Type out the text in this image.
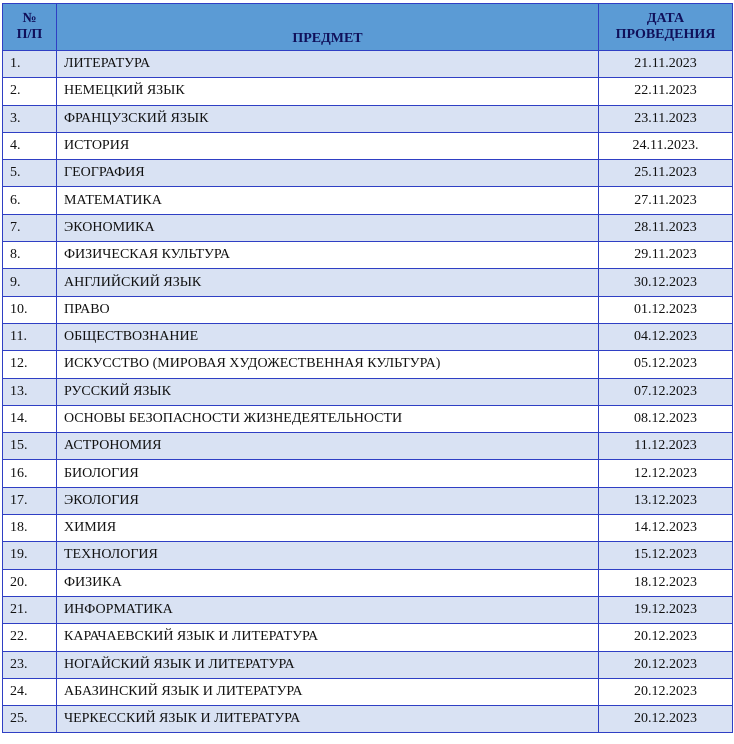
№
П/П	ПРЕДМЕТ	ДАТА
ПРОВЕДЕНИЯ

1.	ЛИТЕРАТУРА	21.11.2023
2.	НЕМЕЦКИЙ ЯЗЫК	22.11.2023
3.	ФРАНЦУЗСКИЙ ЯЗЫК	23.11.2023
4.	ИСТОРИЯ	24.11.2023.
5.	ГЕОГРАФИЯ	25.11.2023
6.	МАТЕМАТИКА	27.11.2023
7.	ЭКОНОМИКА	28.11.2023
8.	ФИЗИЧЕСКАЯ КУЛЬТУРА	29.11.2023
9.	АНГЛИЙСКИЙ ЯЗЫК	30.12.2023
10.	ПРАВО	01.12.2023
11.	ОБЩЕСТВОЗНАНИЕ	04.12.2023
12.	ИСКУССТВО (МИРОВАЯ ХУДОЖЕСТВЕННАЯ КУЛЬТУРА)	05.12.2023
13.	РУССКИЙ ЯЗЫК	07.12.2023
14.	ОСНОВЫ БЕЗОПАСНОСТИ ЖИЗНЕДЕЯТЕЛЬНОСТИ	08.12.2023
15.	АСТРОНОМИЯ	11.12.2023
16.	БИОЛОГИЯ	12.12.2023
17.	ЭКОЛОГИЯ	13.12.2023
18.	ХИМИЯ	14.12.2023
19.	ТЕХНОЛОГИЯ	15.12.2023
20.	ФИЗИКА	18.12.2023
21.	ИНФОРМАТИКА	19.12.2023
22.	КАРАЧАЕВСКИЙ ЯЗЫК И ЛИТЕРАТУРА	20.12.2023
23.	НОГАЙСКИЙ ЯЗЫК И ЛИТЕРАТУРА	20.12.2023
24.	АБАЗИНСКИЙ ЯЗЫК И ЛИТЕРАТУРА	20.12.2023
25.	ЧЕРКЕССКИЙ ЯЗЫК И ЛИТЕРАТУРА	20.12.2023
